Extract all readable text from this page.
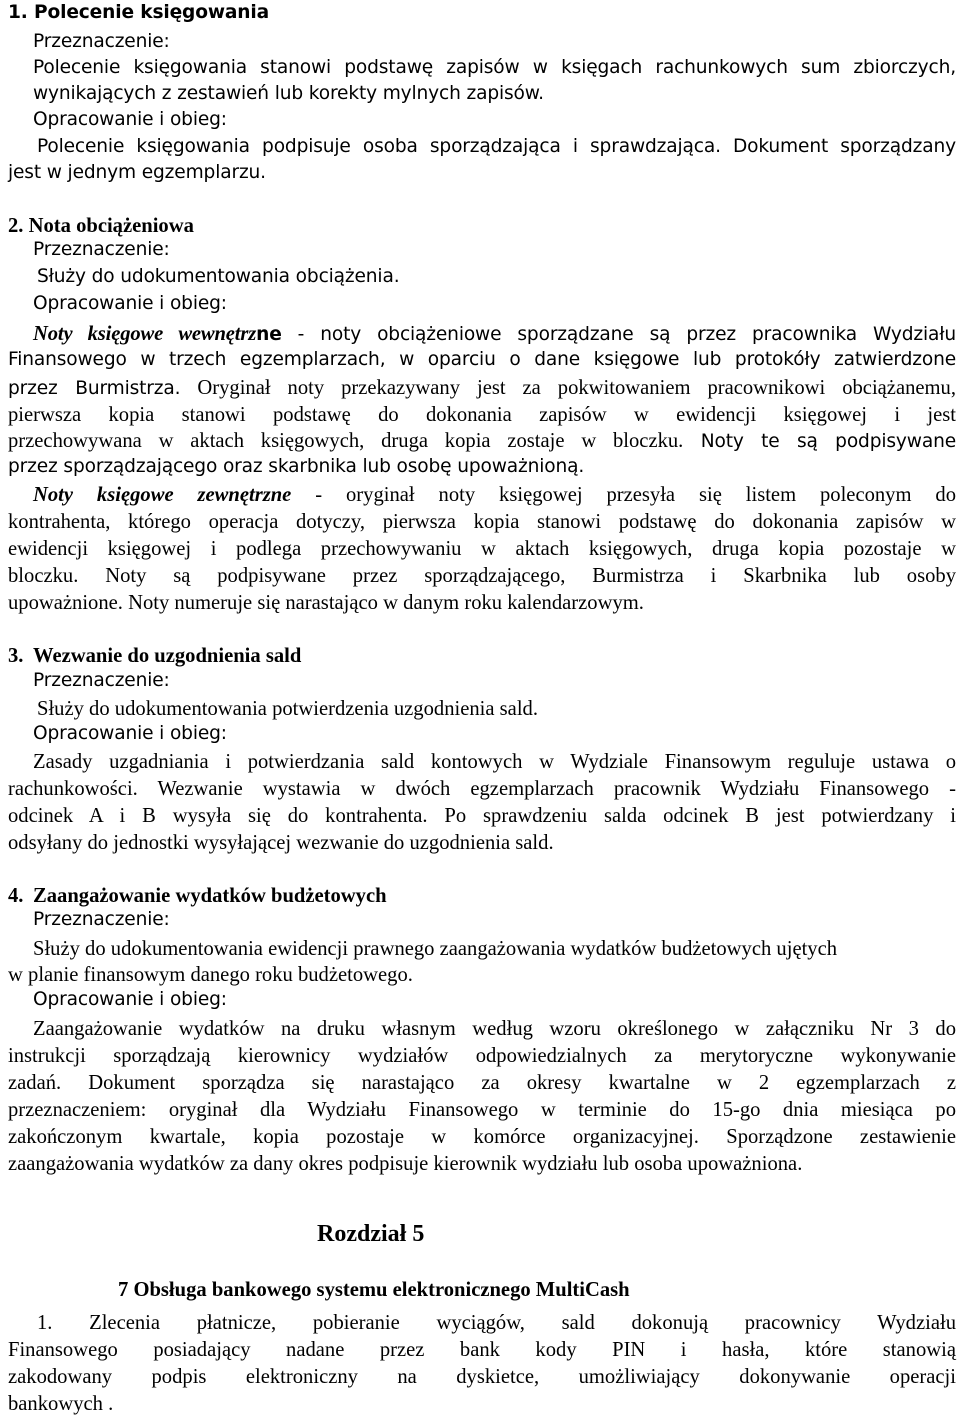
1. Polecenie księgowania
Przeznaczenie:
Polecenie księgowania stanowi podstawę zapisów w księgach rachunkowych sum zbiorczych,
wynikających z zestawień lub korekty mylnych zapisów.
Opracowanie i obieg:
Polecenie księgowania podpisuje osoba sporządzająca i sprawdzająca. Dokument sporządzany
jest w jednym egzemplarzu.
2. Nota obciążeniowa
Przeznaczenie:
Służy do udokumentowania obciążenia.
Opracowanie i obieg:
Noty księgowe wewnętrzne - noty obciążeniowe sporządzane są przez pracownika Wydziału
Finansowego w trzech egzemplarzach, w oparciu o dane księgowe lub protokóły zatwierdzone
przez Burmistrza. Oryginał noty przekazywany jest za pokwitowaniem pracownikowi obciążanemu,
pierwsza kopia stanowi podstawę do dokonania zapisów w ewidencji księgowej i jest
przechowywana w aktach księgowych, druga kopia zostaje w bloczku. Noty te są podpisywane
przez sporządzającego oraz skarbnika lub osobę upoważnioną.
Noty księgowe zewnętrzne - oryginał noty księgowej przesyła się listem poleconym do
kontrahenta, którego operacja dotyczy, pierwsza kopia stanowi podstawę do dokonania zapisów w
ewidencji księgowej i podlega przechowywaniu w aktach księgowych, druga kopia pozostaje w
bloczku. Noty są podpisywane przez sporządzającego, Burmistrza i Skarbnika lub osoby
upoważnione. Noty numeruje się narastająco w danym roku kalendarzowym.
3. Wezwanie do uzgodnienia sald
Przeznaczenie:
Służy do udokumentowania potwierdzenia uzgodnienia sald.
Opracowanie i obieg:
Zasady uzgadniania i potwierdzania sald kontowych w Wydziale Finansowym reguluje ustawa o
rachunkowości. Wezwanie wystawia w dwóch egzemplarzach pracownik Wydziału Finansowego -
odcinek A i B wysyła się do kontrahenta. Po sprawdzeniu salda odcinek B jest potwierdzany i
odsyłany do jednostki wysyłającej wezwanie do uzgodnienia sald.
4. Zaangażowanie wydatków budżetowych
Przeznaczenie:
Służy do udokumentowania ewidencji prawnego zaangażowania wydatków budżetowych ujętych
w planie finansowym danego roku budżetowego.
Opracowanie i obieg:
Zaangażowanie wydatków na druku własnym według wzoru określonego w załączniku Nr 3 do
instrukcji sporządzają kierownicy wydziałów odpowiedzialnych za merytoryczne wykonywanie
zadań. Dokument sporządza się narastająco za okresy kwartalne w 2 egzemplarzach z
przeznaczeniem: oryginał dla Wydziału Finansowego w terminie do 15-go dnia miesiąca po
zakończonym kwartale, kopia pozostaje w komórce organizacyjnej. Sporządzone zestawienie
zaangażowania wydatków za dany okres podpisuje kierownik wydziału lub osoba upoważniona.
Rozdział 5
7 Obsługa bankowego systemu elektronicznego MultiCash
1. Zlecenia płatnicze, pobieranie wyciągów, sald dokonują pracownicy Wydziału
Finansowego posiadający nadane przez bank kody PIN i hasła, które stanowią
zakodowany podpis elektroniczny na dyskietce, umożliwiający dokonywanie operacji
bankowych .
